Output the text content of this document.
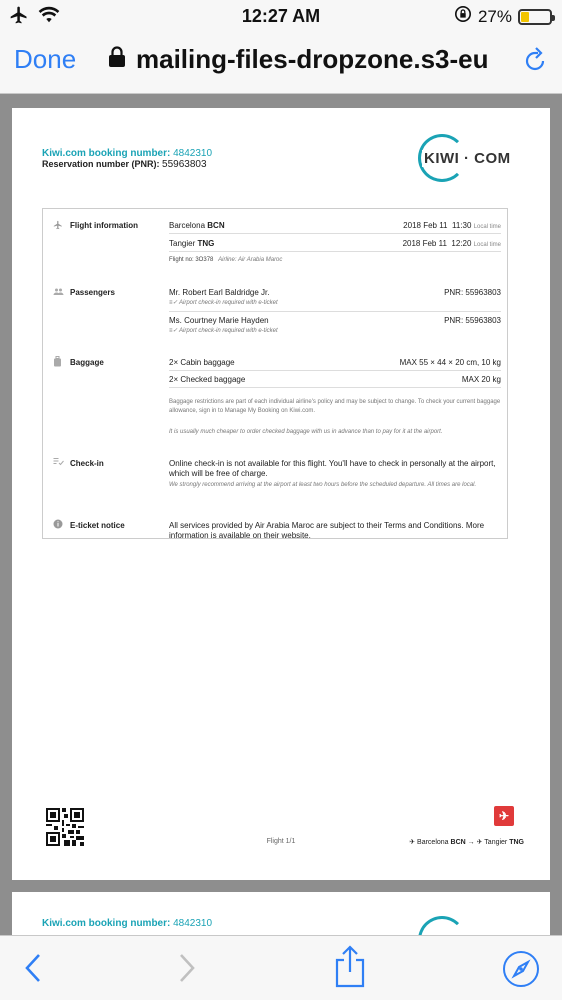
12:27 AM	27%
Done mailing-files-dropzone.s3-eu
Kiwi.com booking number: 4842310
Reservation number (PNR): 55963803	KIWI · COM
Flight information	Barcelona BCN	2018 Feb 11 11:30 Local time
Tangier TNG	2018 Feb 11 12:20 Local time
Flight no: 3O378 Airline: Air Arabia Maroc
Passengers	Mr. Robert Earl Baldridge Jr.	PNR: 55963803
≡✓ Airport check-in required with e-ticket
Ms. Courtney Marie Hayden	PNR: 55963803
≡✓ Airport check-in required with e-ticket
Baggage	2× Cabin baggage	MAX 55 × 44 × 20 cm, 10 kg
2× Checked baggage	MAX 20 kg
Baggage restrictions are part of each individual airline's policy and may be subject to change. To check your current baggage allowance, sign in to Manage My Booking on Kiwi.com.
It is usually much cheaper to order checked baggage with us in advance than to pay for it at the airport.
Check-in	Online check-in is not available for this flight. You'll have to check in personally at the airport, which will be free of charge.
We strongly recommend arriving at the airport at least two hours before the scheduled departure. All times are local.
E-ticket notice	All services provided by Air Arabia Maroc are subject to their Terms and Conditions. More information is available on their website.
Flight 1/1
✈
✈ Barcelona BCN → ✈ Tangier TNG
Kiwi.com booking number: 4842310
